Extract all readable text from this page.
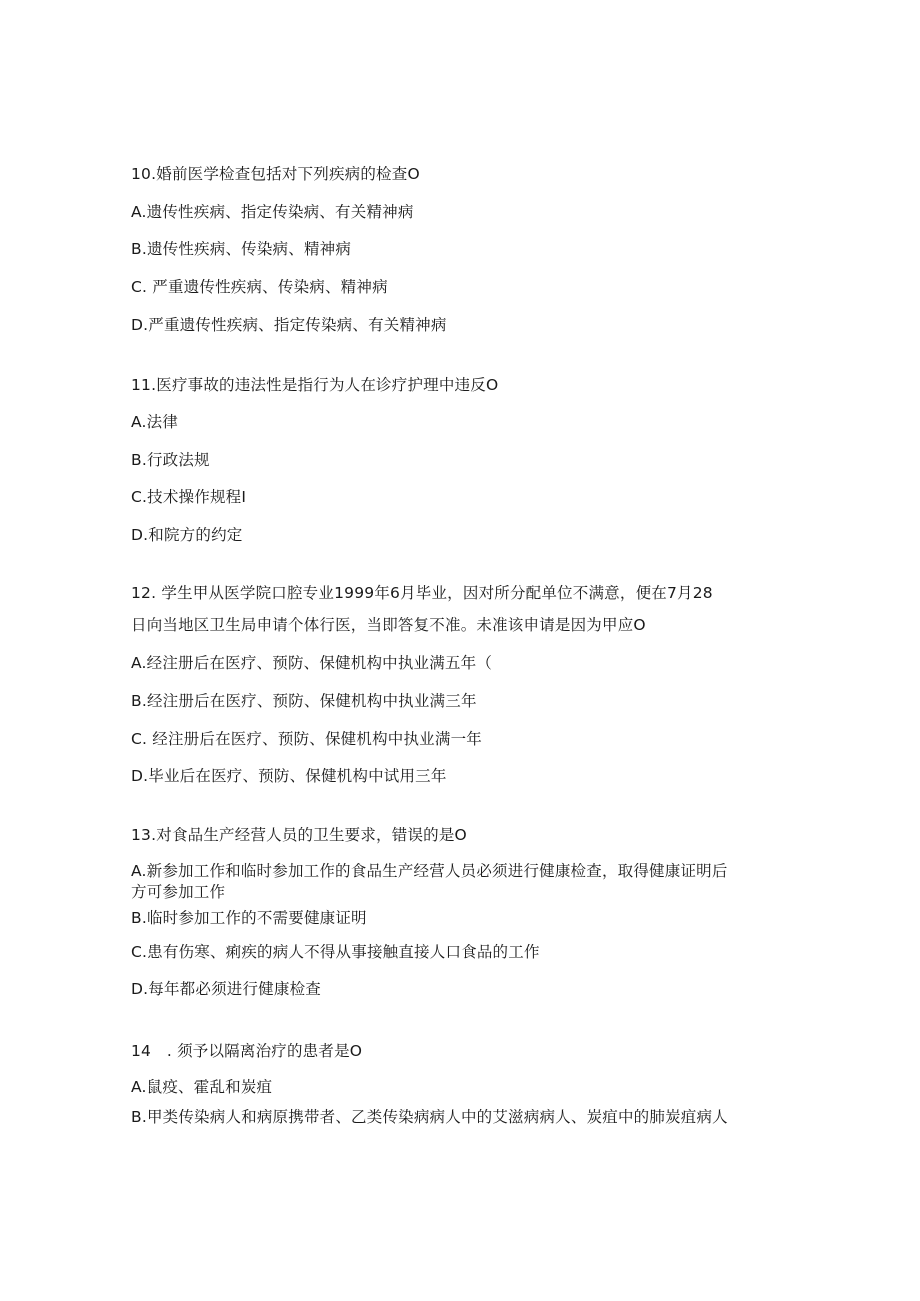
10.婚前医学检查包括对下列疾病的检查O
A.遗传性疾病、指定传染病、有关精神病
B.遗传性疾病、传染病、精神病
C. 严重遗传性疾病、传染病、精神病
D.严重遗传性疾病、指定传染病、有关精神病
11.医疗事故的违法性是指行为人在诊疗护理中违反O
A.法律
B.行政法规
C.技术操作规程I
D.和院方的约定
12. 学生甲从医学院口腔专业1999年6月毕业，因对所分配单位不满意，便在7月28
日向当地区卫生局申请个体行医，当即答复不准。未准该申请是因为甲应O
A.经注册后在医疗、预防、保健机构中执业满五年（
B.经注册后在医疗、预防、保健机构中执业满三年
C. 经注册后在医疗、预防、保健机构中执业满一年
D.毕业后在医疗、预防、保健机构中试用三年
13.对食品生产经营人员的卫生要求，错误的是O
A.新参加工作和临时参加工作的食品生产经营人员必须进行健康检查，取得健康证明后
方可参加工作
B.临时参加工作的不需要健康证明
C.患有伤寒、痢疾的病人不得从事接触直接人口食品的工作
D.每年都必须进行健康检查
14　. 须予以隔离治疗的患者是O
A.鼠疫、霍乱和炭疽
B.甲类传染病人和病原携带者、乙类传染病病人中的艾滋病病人、炭疽中的肺炭疽病人
